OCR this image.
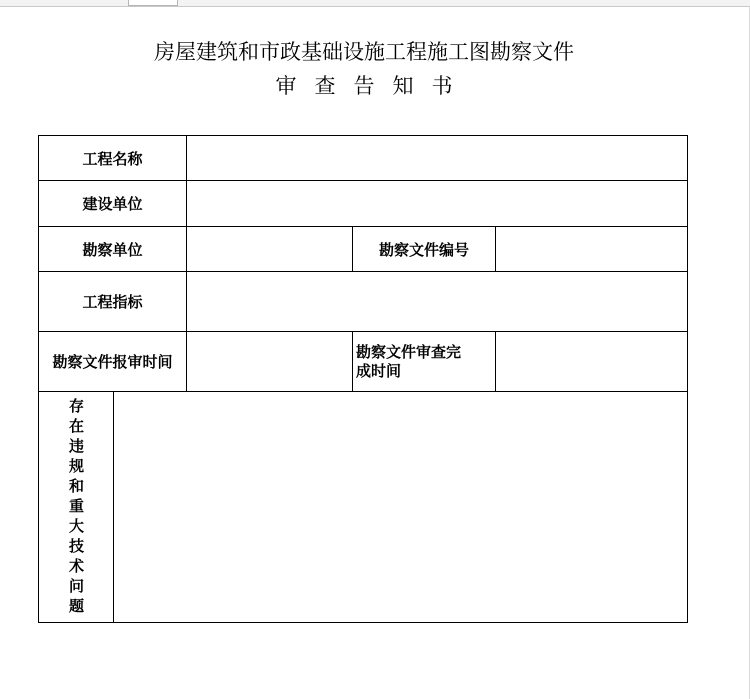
房屋建筑和市政基础设施工程施工图勘察文件
审查告知书
工程名称
建设单位
勘察单位	勘察文件编号
工程指标
勘察文件报审时间
勘察文件审查完
成时间
存
在
违
规
和
重
大
技
术
问
题
